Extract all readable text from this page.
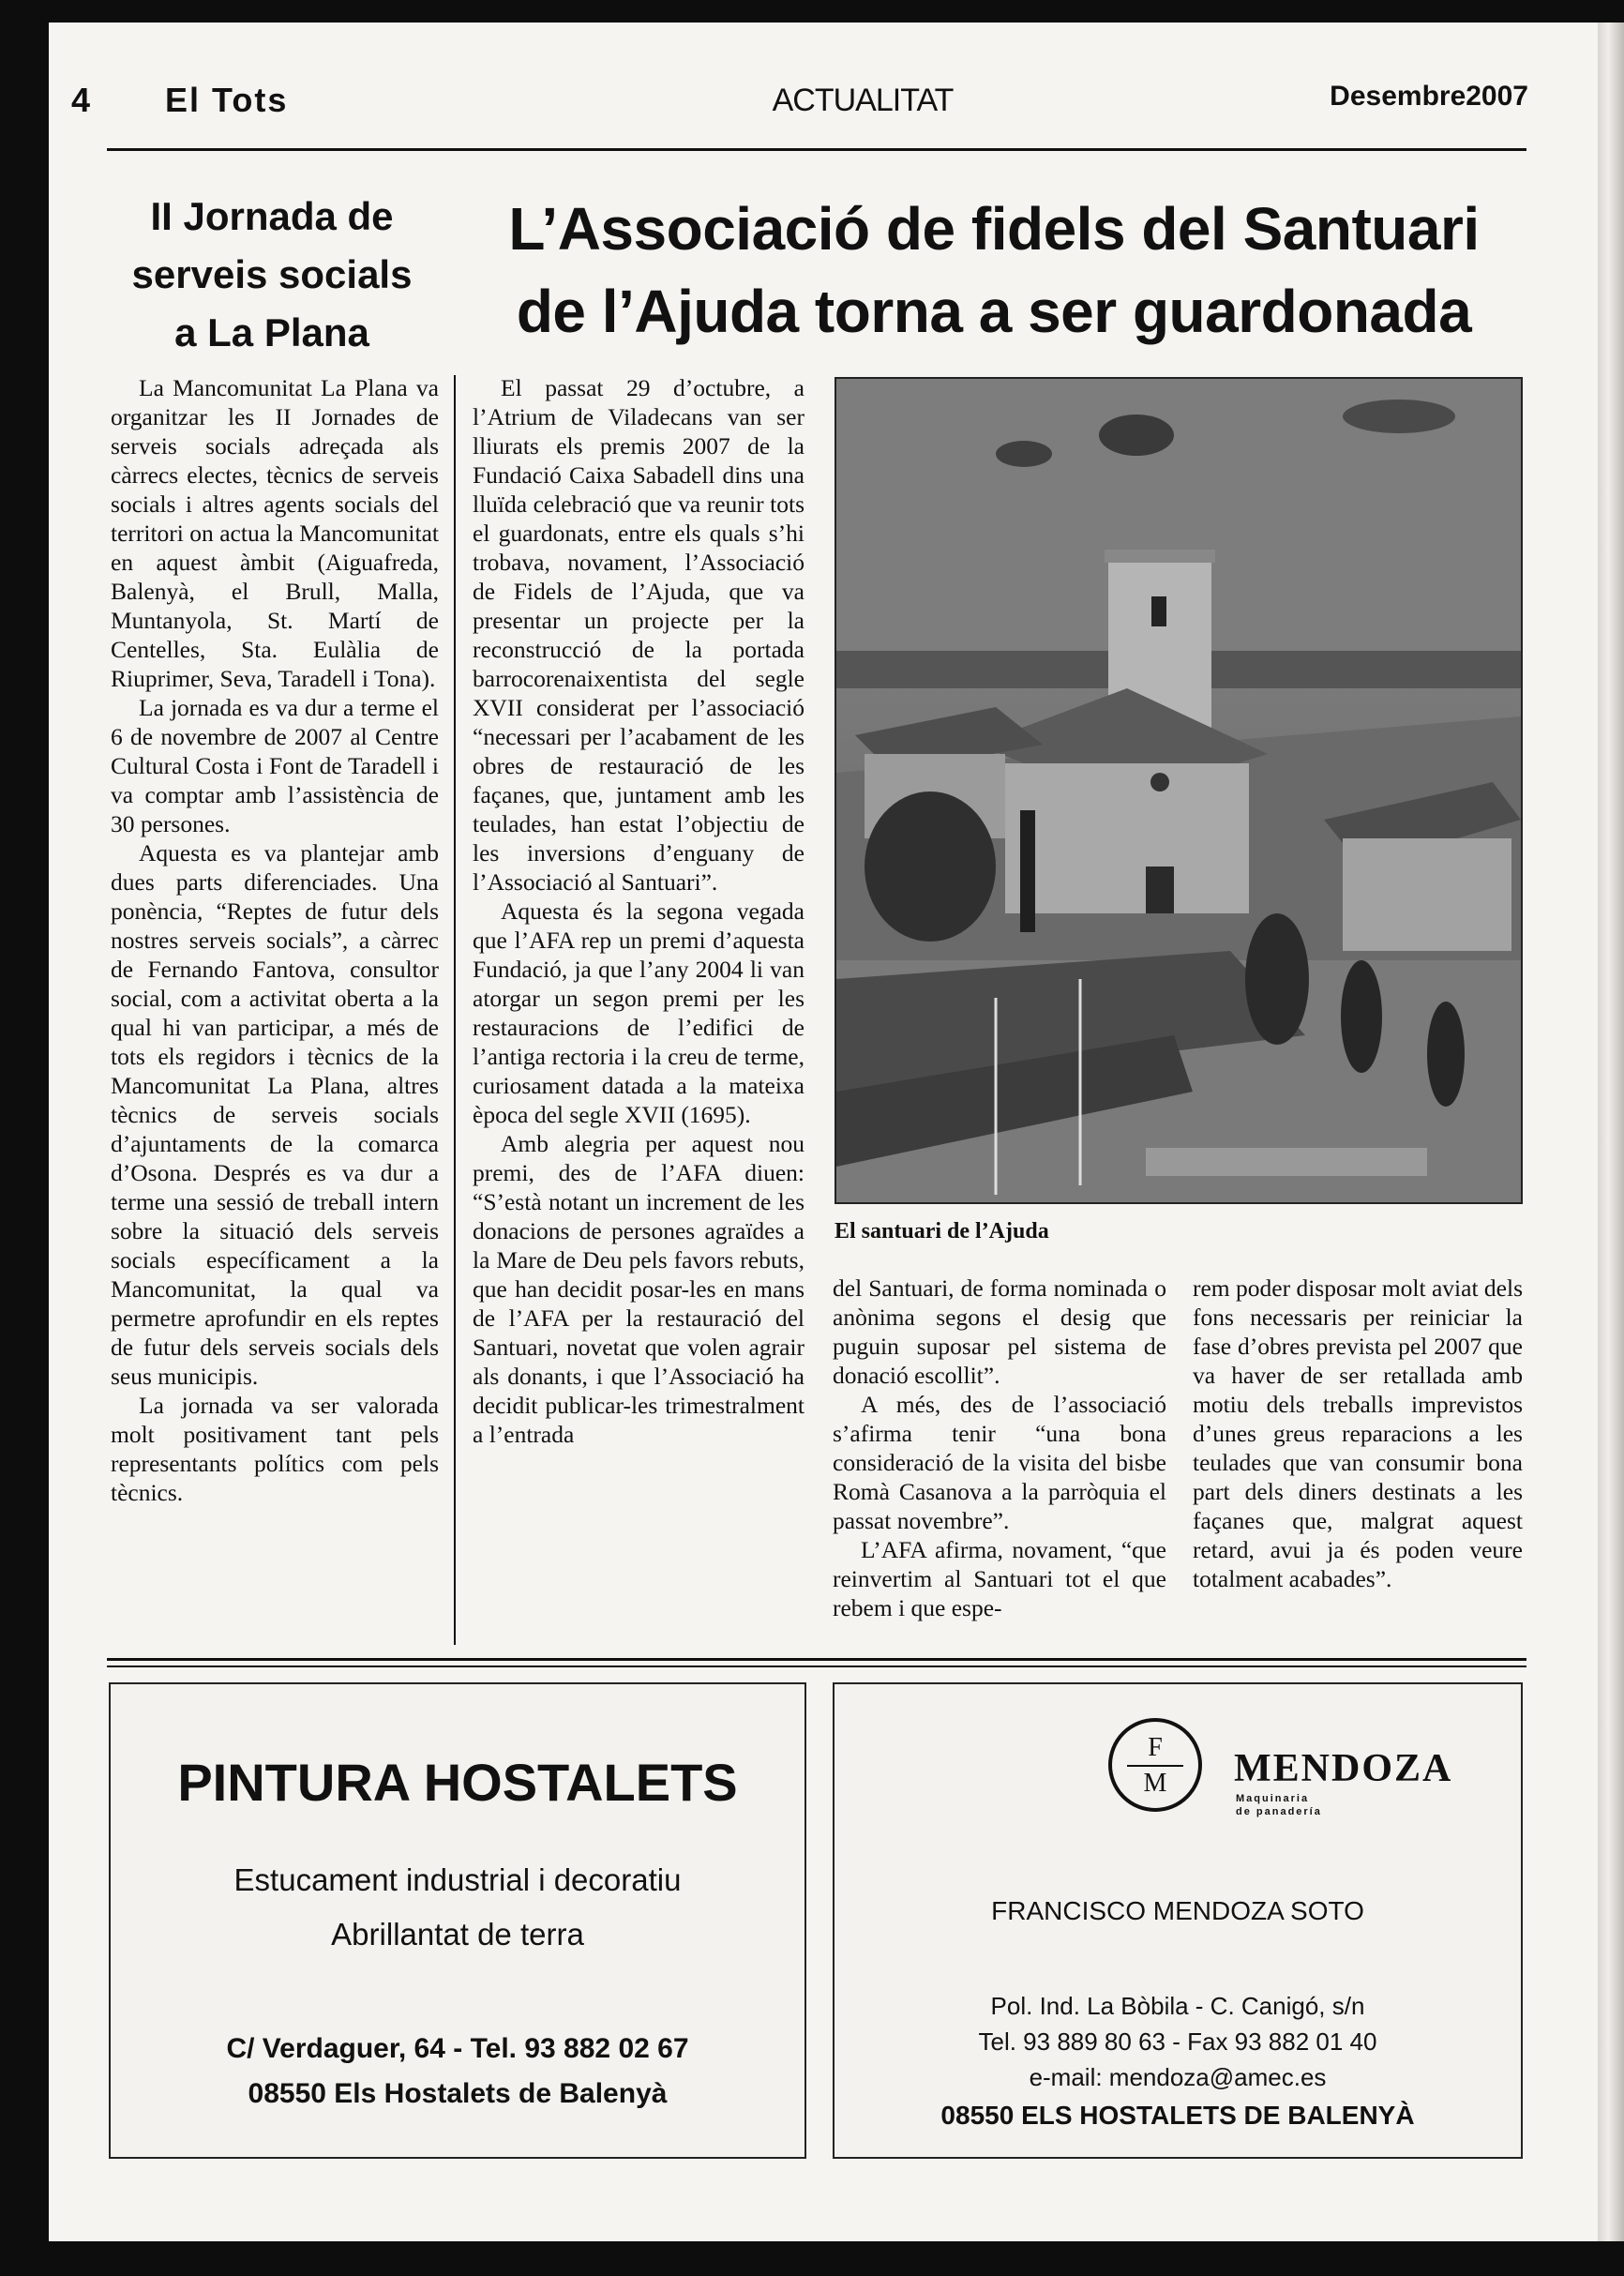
4 El Tots	ACTUALITAT	Desembre2007
II Jornada de
serveis socials
a La Plana
L’Associació de fidels del Santuari
de l’Ajuda torna a ser guardonada

La Mancomunitat La Plana va organitzar les II Jornades de serveis socials adreçada als càrrecs electes, tècnics de serveis socials i altres agents socials del territori on actua la Mancomunitat en aquest àmbit (Aiguafreda, Balenyà, el Brull, Malla, Muntanyola, St. Martí de Centelles, Sta. Eulàlia de Riuprimer, Seva, Taradell i Tona).

La jornada es va dur a terme el 6 de novembre de 2007 al Centre Cultural Costa i Font de Taradell i va comptar amb l’assistència de 30 persones.

Aquesta es va plantejar amb dues parts diferenciades. Una ponència, “Reptes de futur dels nostres serveis socials”, a càrrec de Fernando Fantova, consultor social, com a activitat oberta a la qual hi van participar, a més de tots els regidors i tècnics de la Mancomunitat La Plana, altres tècnics de serveis socials d’ajuntaments de la comarca d’Osona. Després es va dur a terme una sessió de treball intern sobre la situació dels serveis socials específicament a la Mancomunitat, la qual va permetre aprofundir en els reptes de futur dels serveis socials dels seus municipis.

La jornada va ser valorada molt positivament tant pels representants polítics com pels tècnics.

El passat 29 d’octubre, a l’Atrium de Viladecans van ser lliurats els premis 2007 de la Fundació Caixa Sabadell dins una lluïda celebració que va reunir tots el guardonats, entre els quals s’hi trobava, novament, l’Associació de Fidels de l’Ajuda, que va presentar un projecte per la reconstrucció de la portada barrocorenaixentista del segle XVII considerat per l’associació “necessari per l’acabament de les obres de restauració de les façanes, que, juntament amb les teulades, han estat l’objectiu de les inversions d’enguany de l’Associació al Santuari”.

Aquesta és la segona vegada que l’AFA rep un premi d’aquesta Fundació, ja que l’any 2004 li van atorgar un segon premi per les restauracions de l’edifici de l’antiga rectoria i la creu de terme, curiosament datada a la mateixa època del segle XVII (1695).

Amb alegria per aquest nou premi, des de l’AFA diuen: “S’està notant un increment de les donacions de persones agraïdes a la Mare de Deu pels favors rebuts, que han decidit posar-les en mans de l’AFA per la restauració del Santuari, novetat que volen agrair als donants, i que l’Associació ha decidit publicar-les trimestralment a l’entrada

El santuari de l’Ajuda

del Santuari, de forma nominada o anònima segons el desig que puguin suposar pel sistema de donació escollit”.

A més, des de l’associació s’afirma tenir “una bona consideració de la visita del bisbe Romà Casanova a la parròquia el passat novembre”.

L’AFA afirma, novament, “que reinvertim al Santuari tot el que rebem i que espe-

rem poder disposar molt aviat dels fons necessaris per reiniciar la fase d’obres prevista pel 2007 que va haver de ser retallada amb motiu dels treballs imprevistos d’unes greus reparacions a les teulades que van consumir bona part dels diners destinats a les façanes que, malgrat aquest retard, avui ja és poden veure totalment acabades”.

PINTURA HOSTALETS
Estucament industrial i decoratiu
Abrillantat de terra
C/ Verdaguer, 64 - Tel. 93 882 02 67
08550 Els Hostalets de Balenyà
F
M	MENDOZA
Maquinaria
de panadería
FRANCISCO MENDOZA SOTO
Pol. Ind. La Bòbila - C. Canigó, s/n
Tel. 93 889 80 63 - Fax 93 882 01 40
e-mail: mendoza@amec.es
08550 ELS HOSTALETS DE BALENYÀ
